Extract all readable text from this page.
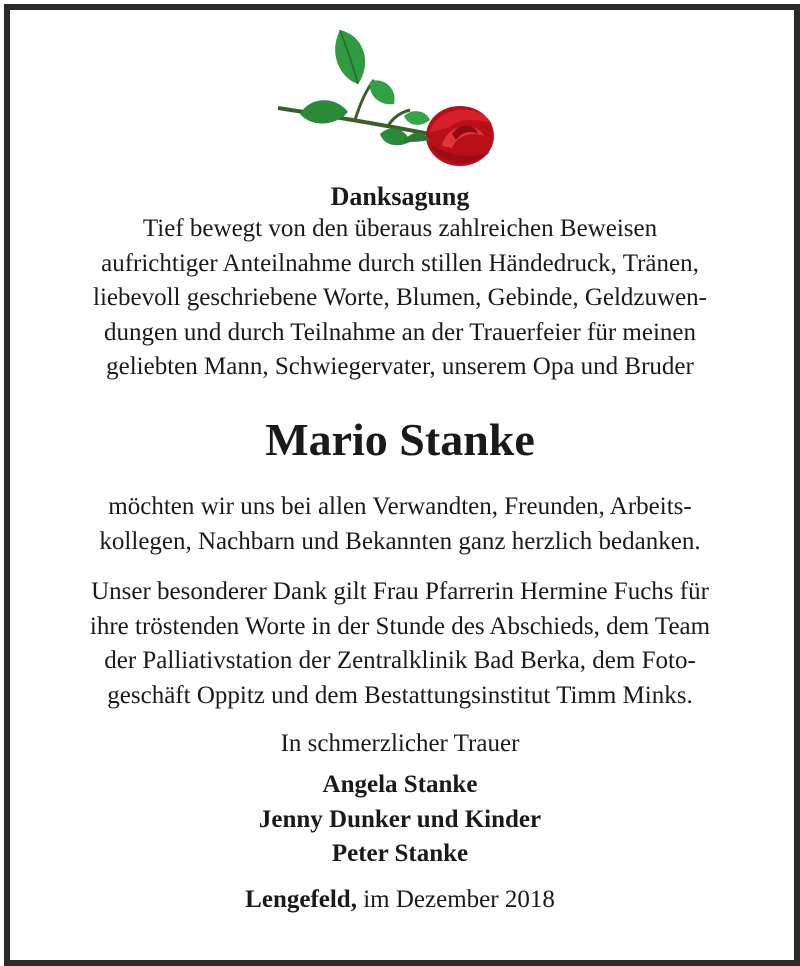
Danksagung
Tief bewegt von den überaus zahlreichen Beweisen
aufrichtiger Anteilnahme durch stillen Händedruck, Tränen,
liebevoll geschriebene Worte, Blumen, Gebinde, Geldzuwen-
dungen und durch Teilnahme an der Trauerfeier für meinen
geliebten Mann, Schwiegervater, unserem Opa und Bruder
Mario Stanke
möchten wir uns bei allen Verwandten, Freunden, Arbeits-
kollegen, Nachbarn und Bekannten ganz herzlich bedanken.
Unser besonderer Dank gilt Frau Pfarrerin Hermine Fuchs für
ihre tröstenden Worte in der Stunde des Abschieds, dem Team
der Palliativstation der Zentralklinik Bad Berka, dem Foto-
geschäft Oppitz und dem Bestattungsinstitut Timm Minks.
In schmerzlicher Trauer
Angela Stanke
Jenny Dunker und Kinder
Peter Stanke
Lengefeld, im Dezember 2018
